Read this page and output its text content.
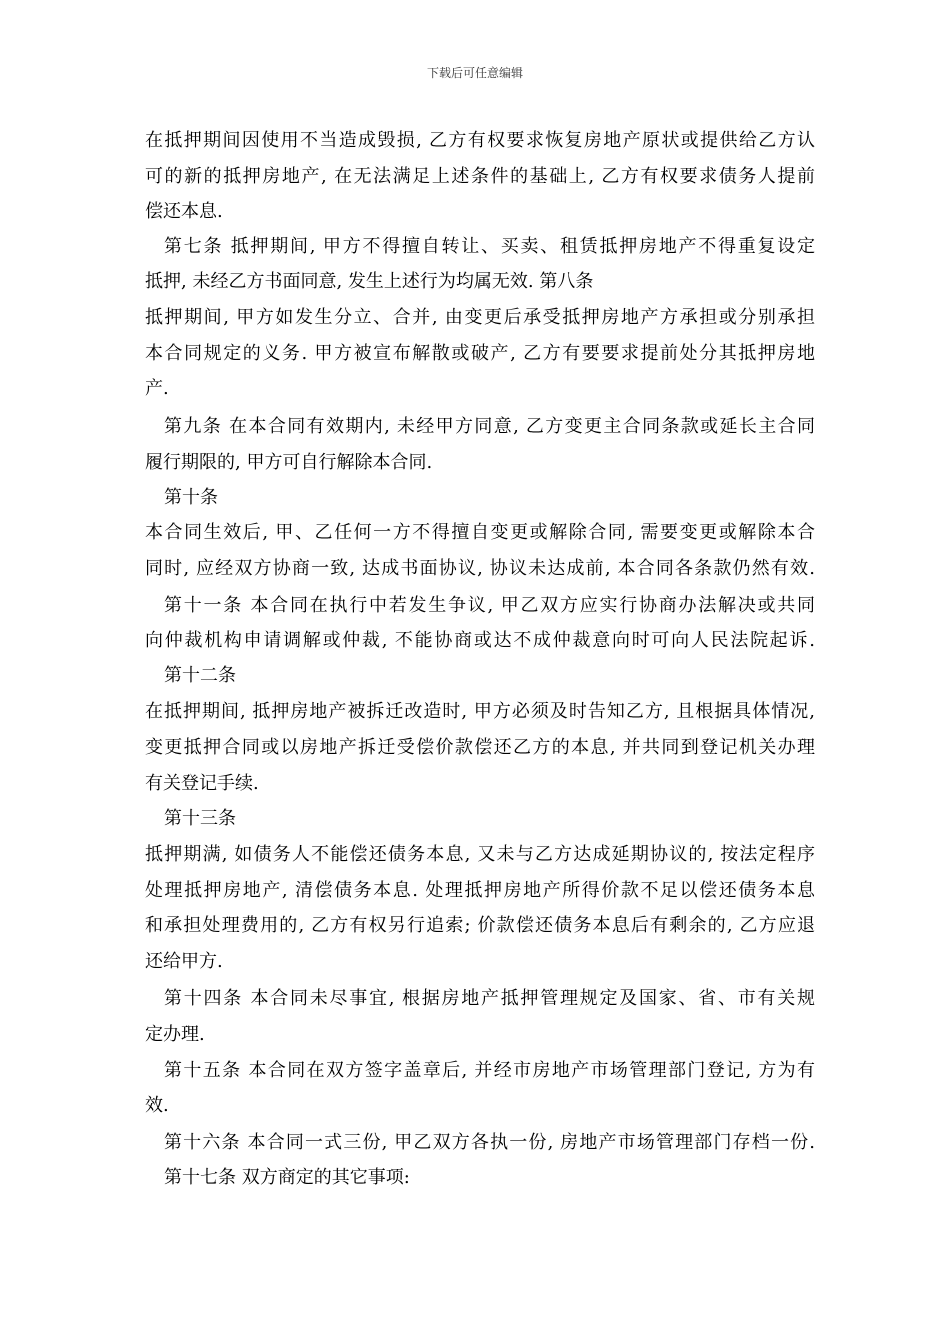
下载后可任意编辑
在抵押期间因使用不当造成毁损, 乙方有权要求恢复房地产原状或提供给乙方认
可的新的抵押房地产, 在无法满足上述条件的基础上, 乙方有权要求债务人提前
偿还本息.
第七条 抵押期间, 甲方不得擅自转让、买卖、租赁抵押房地产不得重复设定
抵押, 未经乙方书面同意, 发生上述行为均属无效. 第八条
抵押期间, 甲方如发生分立、合并, 由变更后承受抵押房地产方承担或分别承担
本合同规定的义务. 甲方被宣布解散或破产, 乙方有要要求提前处分其抵押房地
产.
第九条 在本合同有效期内, 未经甲方同意, 乙方变更主合同条款或延长主合同
履行期限的, 甲方可自行解除本合同.
第十条
本合同生效后, 甲、乙任何一方不得擅自变更或解除合同, 需要变更或解除本合
同时, 应经双方协商一致, 达成书面协议, 协议未达成前, 本合同各条款仍然有效.
第十一条 本合同在执行中若发生争议, 甲乙双方应实行协商办法解决或共同
向仲裁机构申请调解或仲裁, 不能协商或达不成仲裁意向时可向人民法院起诉.
第十二条
在抵押期间, 抵押房地产被拆迁改造时, 甲方必须及时告知乙方, 且根据具体情况,
变更抵押合同或以房地产拆迁受偿价款偿还乙方的本息, 并共同到登记机关办理
有关登记手续.
第十三条
抵押期满, 如债务人不能偿还债务本息, 又未与乙方达成延期协议的, 按法定程序
处理抵押房地产, 清偿债务本息. 处理抵押房地产所得价款不足以偿还债务本息
和承担处理费用的, 乙方有权另行追索; 价款偿还债务本息后有剩余的, 乙方应退
还给甲方.
第十四条 本合同未尽事宜, 根据房地产抵押管理规定及国家、省、市有关规
定办理.
第十五条 本合同在双方签字盖章后, 并经市房地产市场管理部门登记, 方为有
效.
第十六条 本合同一式三份, 甲乙双方各执一份, 房地产市场管理部门存档一份.
第十七条 双方商定的其它事项:
